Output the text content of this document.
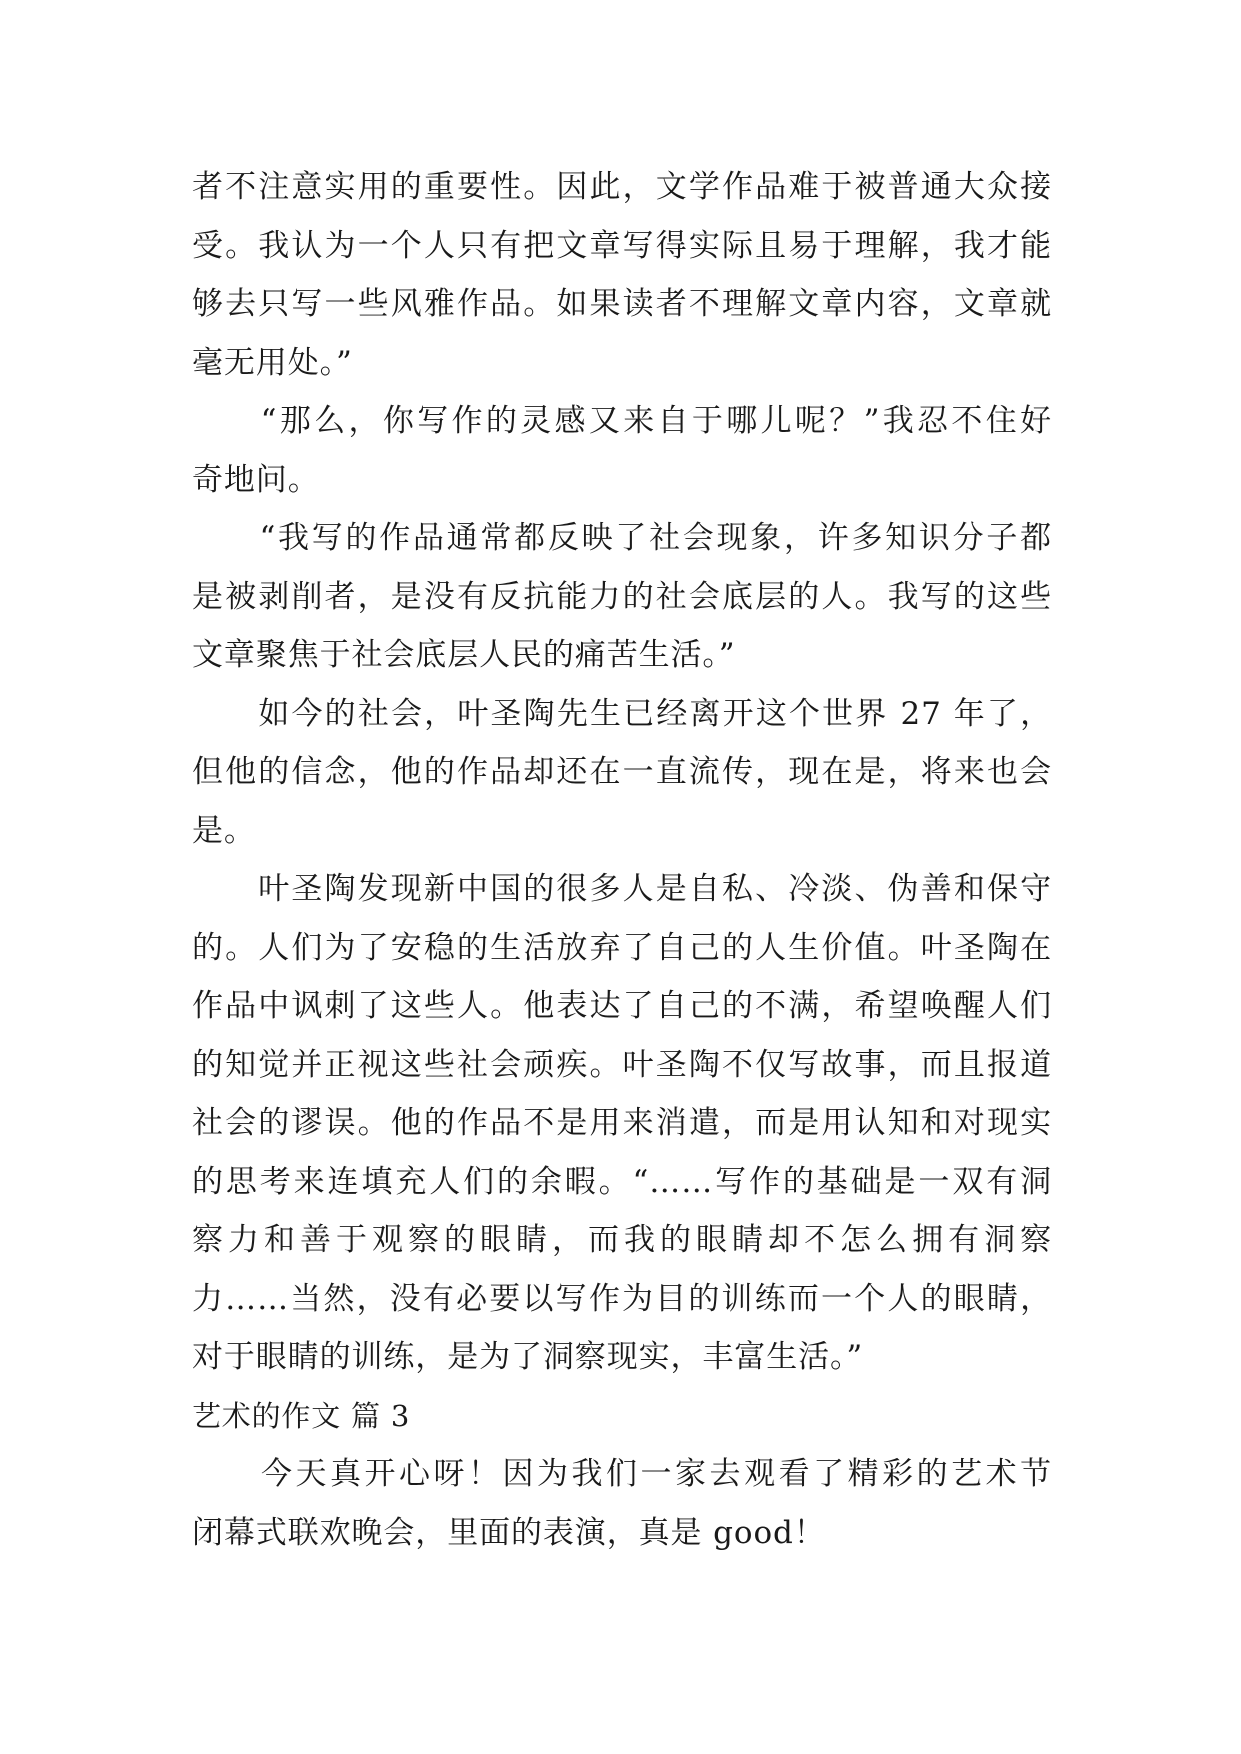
者不注意实用的重要性。因此，文学作品难于被普通大众接
受。我认为一个人只有把文章写得实际且易于理解，我才能
够去只写一些风雅作品。如果读者不理解文章内容，文章就
毫无用处。”
　　“那么，你写作的灵感又来自于哪儿呢？”我忍不住好
奇地问。
　　“我写的作品通常都反映了社会现象，许多知识分子都
是被剥削者，是没有反抗能力的社会底层的人。我写的这些
文章聚焦于社会底层人民的痛苦生活。”
　　如今的社会，叶圣陶先生已经离开这个世界 27 年了，
但他的信念，他的作品却还在一直流传，现在是，将来也会
是。
　　叶圣陶发现新中国的很多人是自私、冷淡、伪善和保守
的。人们为了安稳的生活放弃了自己的人生价值。叶圣陶在
作品中讽刺了这些人。他表达了自己的不满，希望唤醒人们
的知觉并正视这些社会顽疾。叶圣陶不仅写故事，而且报道
社会的谬误。他的作品不是用来消遣，而是用认知和对现实
的思考来连填充人们的余暇。“……写作的基础是一双有洞
察力和善于观察的眼睛，而我的眼睛却不怎么拥有洞察
力……当然，没有必要以写作为目的训练而一个人的眼睛，
对于眼睛的训练，是为了洞察现实，丰富生活。”
艺术的作文 篇 3
　　今天真开心呀！因为我们一家去观看了精彩的艺术节
闭幕式联欢晚会，里面的表演，真是 good！
